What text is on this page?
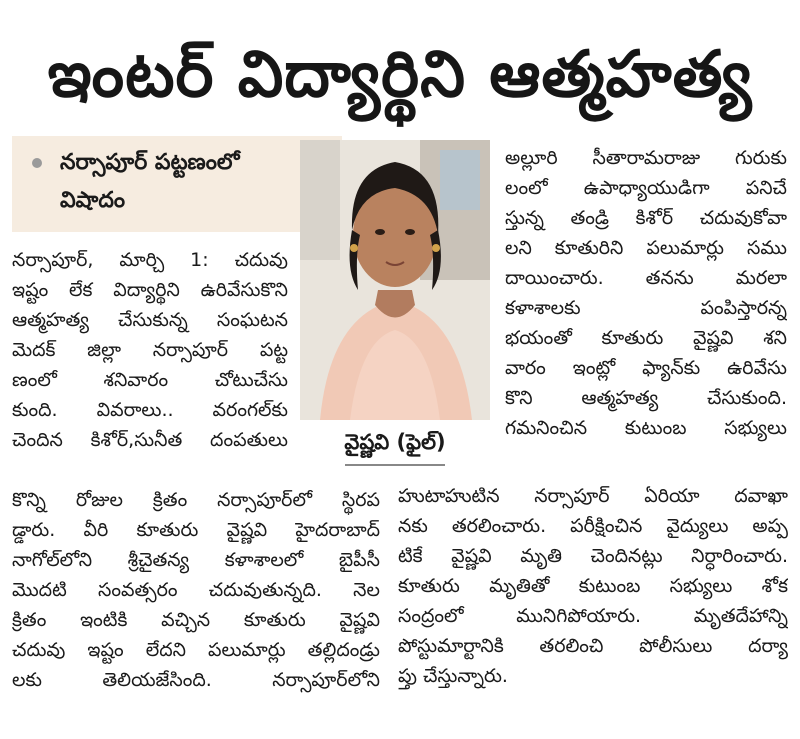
ఇంటర్ విద్యార్థిని ఆత్మహత్య
నర్సాపూర్ పట్టణంలో
విషాదం
వైష్ణవి (ఫైల్)
నర్సాపూర్, మార్చి 1: చదువు
ఇష్టం లేక విద్యార్థిని ఉరివేసుకొని
ఆత్మహత్య చేసుకున్న సంఘటన
మెదక్ జిల్లా నర్సాపూర్ పట్ట
ణంలో శనివారం చోటుచేసు
కుంది. వివరాలు.. వరంగల్‌కు
చెందిన కిశోర్,సునీత దంపతులు
కొన్ని రోజుల క్రితం నర్సాపూర్‌లో స్థిరప
డ్డారు. వీరి కూతురు వైష్ణవి హైదరాబాద్
నాగోల్‌లోని శ్రీచైతన్య కళాశాలలో బైపీసీ
మొదటి సంవత్సరం చదువుతున్నది. నెల
క్రితం ఇంటికి వచ్చిన కూతురు వైష్ణవి
చదువు ఇష్టం లేదని పలుమార్లు తల్లిదండ్రు
లకు తెలియజేసింది. నర్సాపూర్‌లోని
అల్లూరి సీతారామరాజు గురుకు
లంలో ఉపాధ్యాయుడిగా పనిచే
స్తున్న తండ్రి కిశోర్ చదువుకోవా
లని కూతురిని పలుమార్లు సము
దాయించారు. తనను మరలా
కళాశాలకు పంపిస్తారన్న
భయంతో కూతురు వైష్ణవి శని
వారం ఇంట్లో ఫ్యాన్‌కు ఉరివేసు
కొని ఆత్మహత్య చేసుకుంది.
గమనించిన కుటుంబ సభ్యులు
హుటాహుటిన నర్సాపూర్ ఏరియా దవాఖా
నకు తరలించారు. పరీక్షించిన వైద్యులు అప్ప
టికే వైష్ణవి మృతి చెందినట్లు నిర్ధారించారు.
కూతురు మృతితో కుటుంబ సభ్యులు శోక
సంద్రంలో మునిగిపోయారు. మృతదేహాన్ని
పోస్టుమార్టానికి తరలించి పోలీసులు దర్యా
ప్తు చేస్తున్నారు.
